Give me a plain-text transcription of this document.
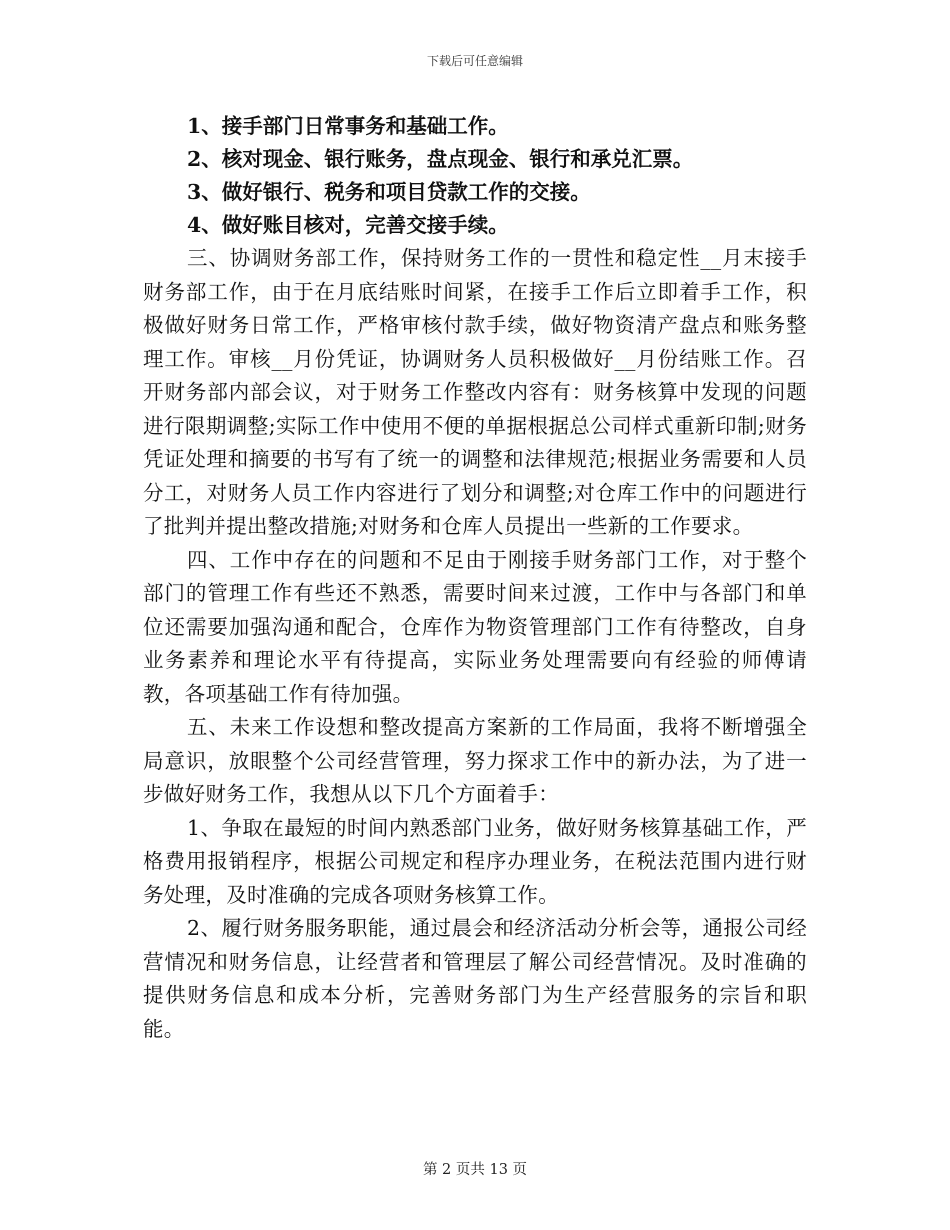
下载后可任意编辑
1、接手部门日常事务和基础工作。
2、核对现金、银行账务，盘点现金、银行和承兑汇票。
3、做好银行、税务和项目贷款工作的交接。
4、做好账目核对，完善交接手续。

三、协调财务部工作，保持财务工作的一贯性和稳定性__月末接手财务部工作，由于在月底结账时间紧，在接手工作后立即着手工作，积极做好财务日常工作，严格审核付款手续，做好物资清产盘点和账务整理工作。审核__月份凭证，协调财务人员积极做好__月份结账工作。召开财务部内部会议，对于财务工作整改内容有：财务核算中发现的问题进行限期调整;实际工作中使用不便的单据根据总公司样式重新印制;财务凭证处理和摘要的书写有了统一的调整和法律规范;根据业务需要和人员分工，对财务人员工作内容进行了划分和调整;对仓库工作中的问题进行了批判并提出整改措施;对财务和仓库人员提出一些新的工作要求。

四、工作中存在的问题和不足由于刚接手财务部门工作，对于整个部门的管理工作有些还不熟悉，需要时间来过渡，工作中与各部门和单位还需要加强沟通和配合，仓库作为物资管理部门工作有待整改，自身业务素养和理论水平有待提高，实际业务处理需要向有经验的师傅请教，各项基础工作有待加强。

五、未来工作设想和整改提高方案新的工作局面，我将不断增强全局意识，放眼整个公司经营管理，努力探求工作中的新办法，为了进一步做好财务工作，我想从以下几个方面着手：

1、争取在最短的时间内熟悉部门业务，做好财务核算基础工作，严格费用报销程序，根据公司规定和程序办理业务，在税法范围内进行财务处理，及时准确的完成各项财务核算工作。

2、履行财务服务职能，通过晨会和经济活动分析会等，通报公司经营情况和财务信息，让经营者和管理层了解公司经营情况。及时准确的提供财务信息和成本分析，完善财务部门为生产经营服务的宗旨和职能。

第 2 页共 13 页
